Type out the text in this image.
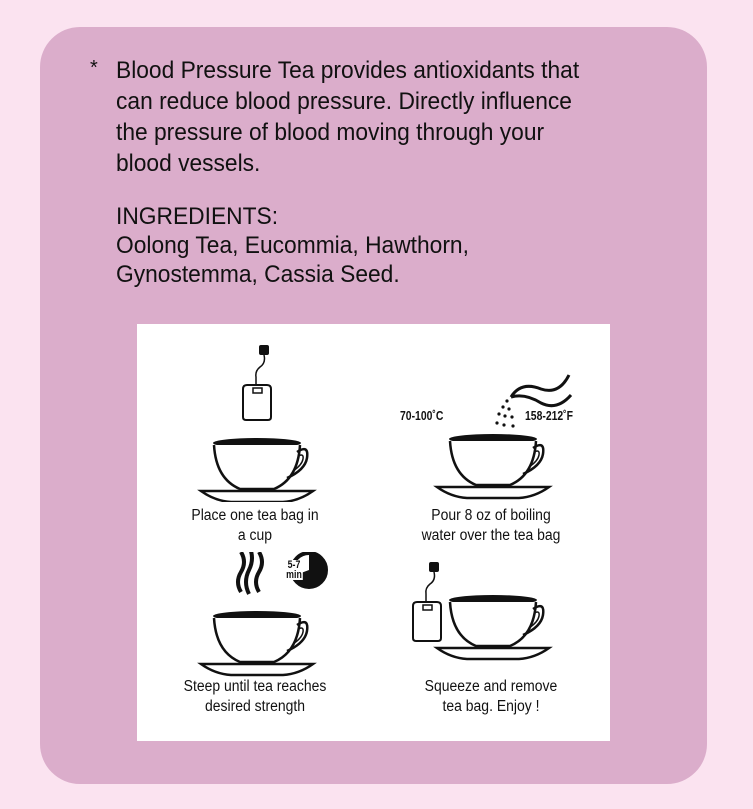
* Blood Pressure Tea provides antioxidants that
can reduce blood pressure. Directly influence
the pressure of blood moving through your
blood vessels.
INGREDIENTS:
Oolong Tea, Eucommia, Hawthorn,
Gynostemma, Cassia Seed.
Place one tea bag in
a cup
70-100˚C	158-212˚F
Pour 8 oz of boiling
water over the tea bag
5-7
min
Steep until tea reaches
desired strength
Squeeze and remove
tea bag. Enjoy !
